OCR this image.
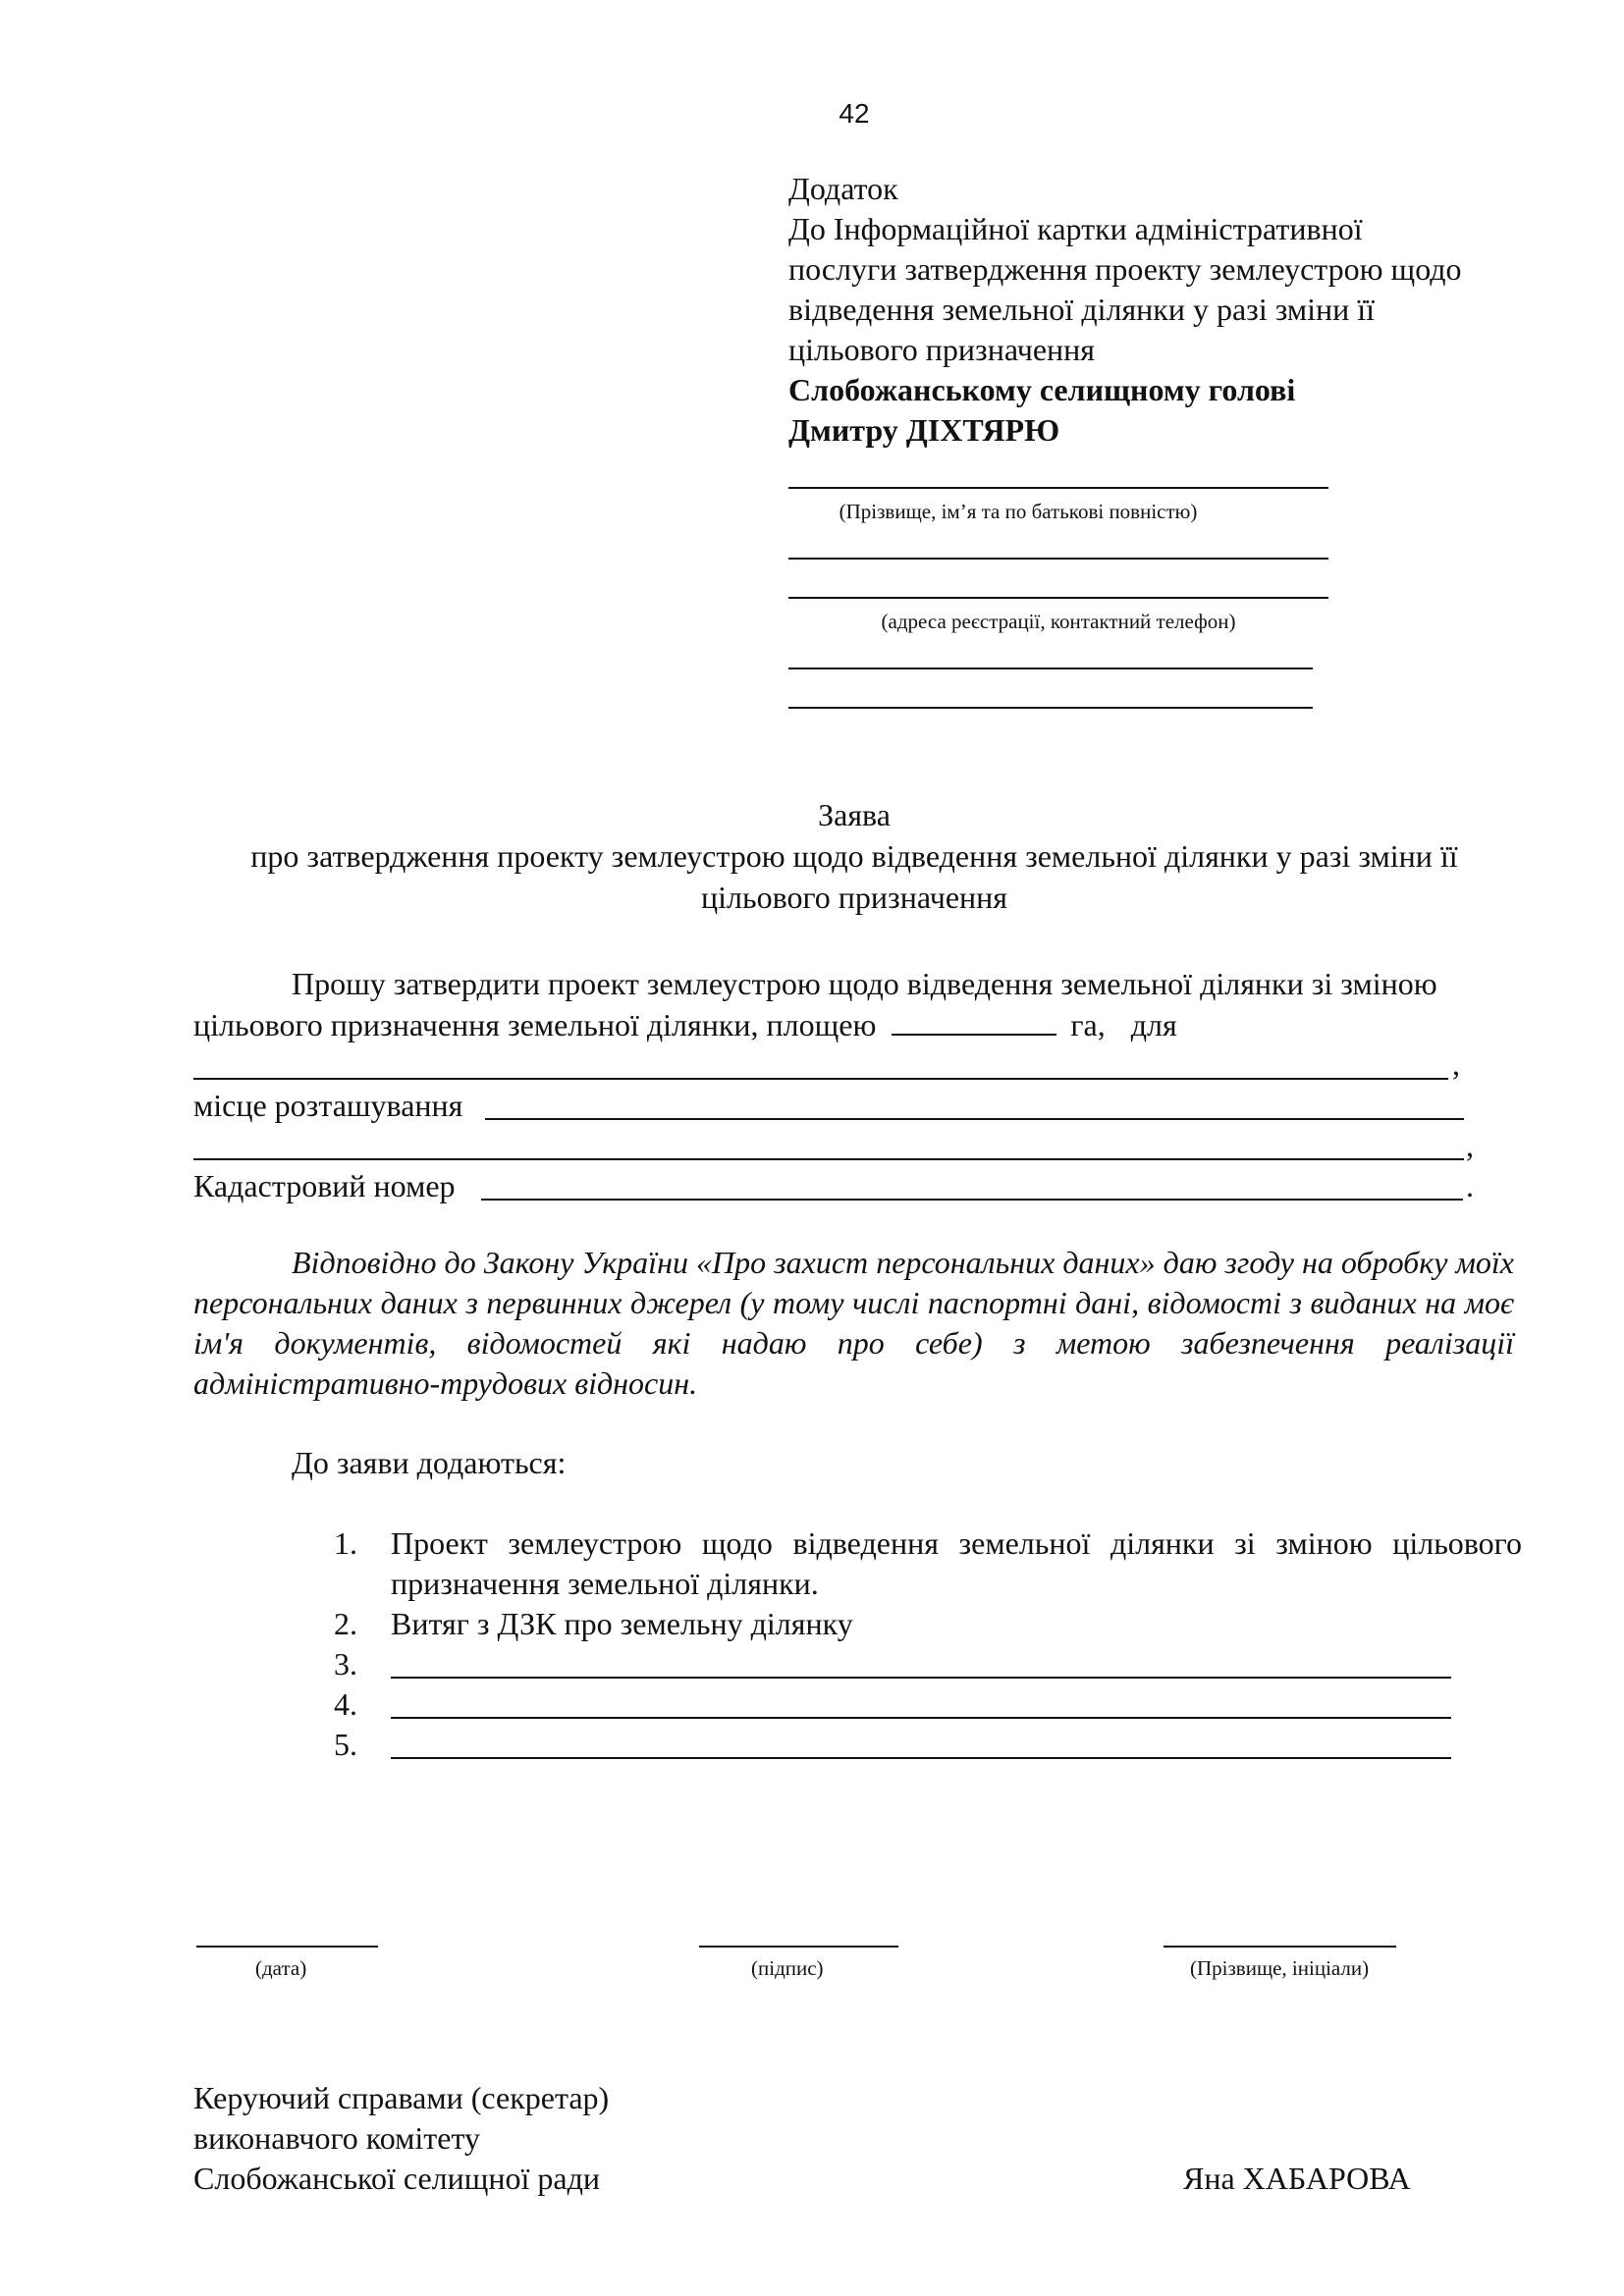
42
Додаток
До Інформаційної картки адміністративної
послуги затвердження проекту землеустрою щодо
відведення земельної ділянки у разі зміни її
цільового призначення
Слобожанському селищному голові
Дмитру ДІХТЯРЮ
(Прізвище, ім’я та по батькові повністю)
(адреса реєстрації, контактний телефон)
Заява
про затвердження проекту землеустрою щодо відведення земельної ділянки у разі зміни її
цільового призначення
Прошу затвердити проект землеустрою щодо відведення земельної ділянки зі зміною
цільового призначення земельної ділянки, площею	га, для
,
місце розташування
,
Кадастровий номер	.
Відповідно до Закону України «Про захист персональних даних» даю згоду на обробку моїх персональних даних з первинних джерел (у тому числі паспортні дані, відомості з виданих на моє ім'я документів, відомостей які надаю про себе) з метою забезпечення реалізації адміністративно-трудових відносин.
До заяви додаються:
1. Проект землеустрою щодо відведення земельної ділянки зі зміною цільового призначення земельної ділянки.
2. Витяг з ДЗК про земельну ділянку
3.
4.
5.
(дата)	(підпис)	(Прізвище, ініціали)
Керуючий справами (секретар)
виконавчого комітету
Слобожанської селищної ради	Яна ХАБАРОВА
